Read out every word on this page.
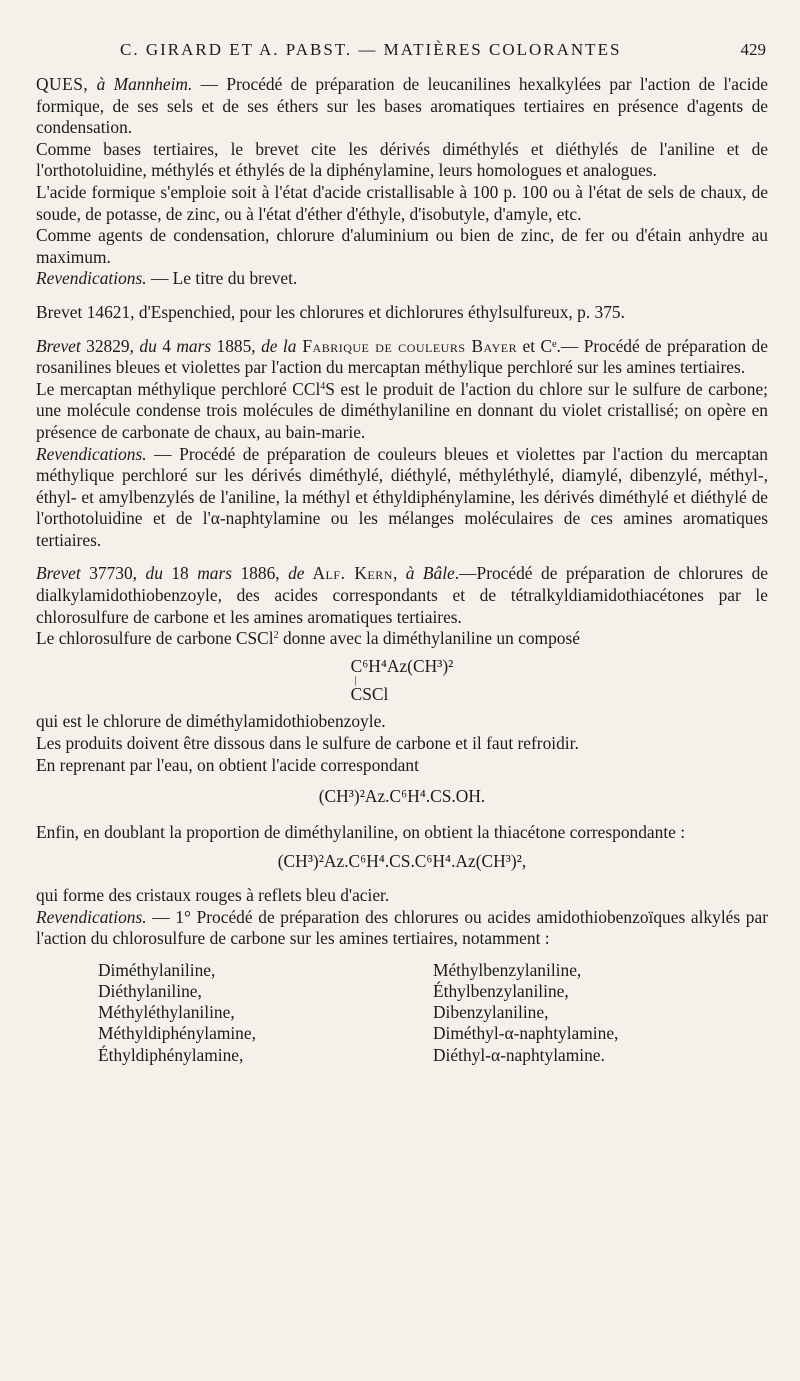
C. GIRARD ET A. PABST. — MATIÈRES COLORANTES	429

QUES, à Mannheim. — Procédé de préparation de leucanilines hexalkylées par l'action de l'acide formique, de ses sels et de ses éthers sur les bases aromatiques tertiaires en présence d'agents de condensation.

Comme bases tertiaires, le brevet cite les dérivés diméthylés et diéthylés de l'aniline et de l'orthotoluidine, méthylés et éthylés de la diphénylamine, leurs homologues et analogues.

L'acide formique s'emploie soit à l'état d'acide cristallisable à 100 p. 100 ou à l'état de sels de chaux, de soude, de potasse, de zinc, ou à l'état d'éther d'éthyle, d'isobutyle, d'amyle, etc.

Comme agents de condensation, chlorure d'aluminium ou bien de zinc, de fer ou d'étain anhydre au maximum.

Revendications. — Le titre du brevet.

Brevet 14621, d'Espenchied, pour les chlorures et dichlorures éthylsulfureux, p. 375.

Brevet 32829, du 4 mars 1885, de la Fabrique de couleurs Bayer et Cᵉ.— Procédé de préparation de rosanilines bleues et violettes par l'action du mercaptan méthylique perchloré sur les amines tertiaires.

Le mercaptan méthylique perchloré CCl$^4$S est le produit de l'action du chlore sur le sulfure de carbone; une molécule condense trois molécules de diméthylaniline en donnant du violet cristallisé; on opère en présence de carbonate de chaux, au bain-marie.

Revendications. — Procédé de préparation de couleurs bleues et violettes par l'action du mercaptan méthylique perchloré sur les dérivés diméthylé, diéthylé, méthyléthylé, diamylé, dibenzylé, méthyl-, éthyl- et amylbenzylés de l'aniline, la méthyl et éthyldiphénylamine, les dérivés diméthylé et diéthylé de l'orthotoluidine et de l'α-naphtylamine ou les mélanges moléculaires de ces amines aromatiques tertiaires.

Brevet 37730, du 18 mars 1886, de Alf. Kern, à Bâle.—Procédé de préparation de chlorures de dialkylamidothiobenzoyle, des acides correspondants et de tétralkyldiamidothiacétones par le chlorosulfure de carbone et les amines aromatiques tertiaires.

Le chlorosulfure de carbone CSCl$^2$ donne avec la diméthylaniline un composé

C⁶H⁴Az(CH³)²
|
CSCl

qui est le chlorure de diméthylamidothiobenzoyle.

Les produits doivent être dissous dans le sulfure de carbone et il faut refroidir.

En reprenant par l'eau, on obtient l'acide correspondant

(CH³)²Az.C⁶H⁴.CS.OH.

Enfin, en doublant la proportion de diméthylaniline, on obtient la thiacétone correspondante :

(CH³)²Az.C⁶H⁴.CS.C⁶H⁴.Az(CH³)²,

qui forme des cristaux rouges à reflets bleu d'acier.

Revendications. — 1° Procédé de préparation des chlorures ou acides amidothiobenzoïques alkylés par l'action du chlorosulfure de carbone sur les amines tertiaires, notamment :

Diméthylaniline,
Diéthylaniline,
Méthyléthylaniline,
Méthyldiphénylamine,
Éthyldiphénylamine,
Méthylbenzylaniline,
Éthylbenzylaniline,
Dibenzylaniline,
Diméthyl-α-naphtylamine,
Diéthyl-α-naphtylamine.
